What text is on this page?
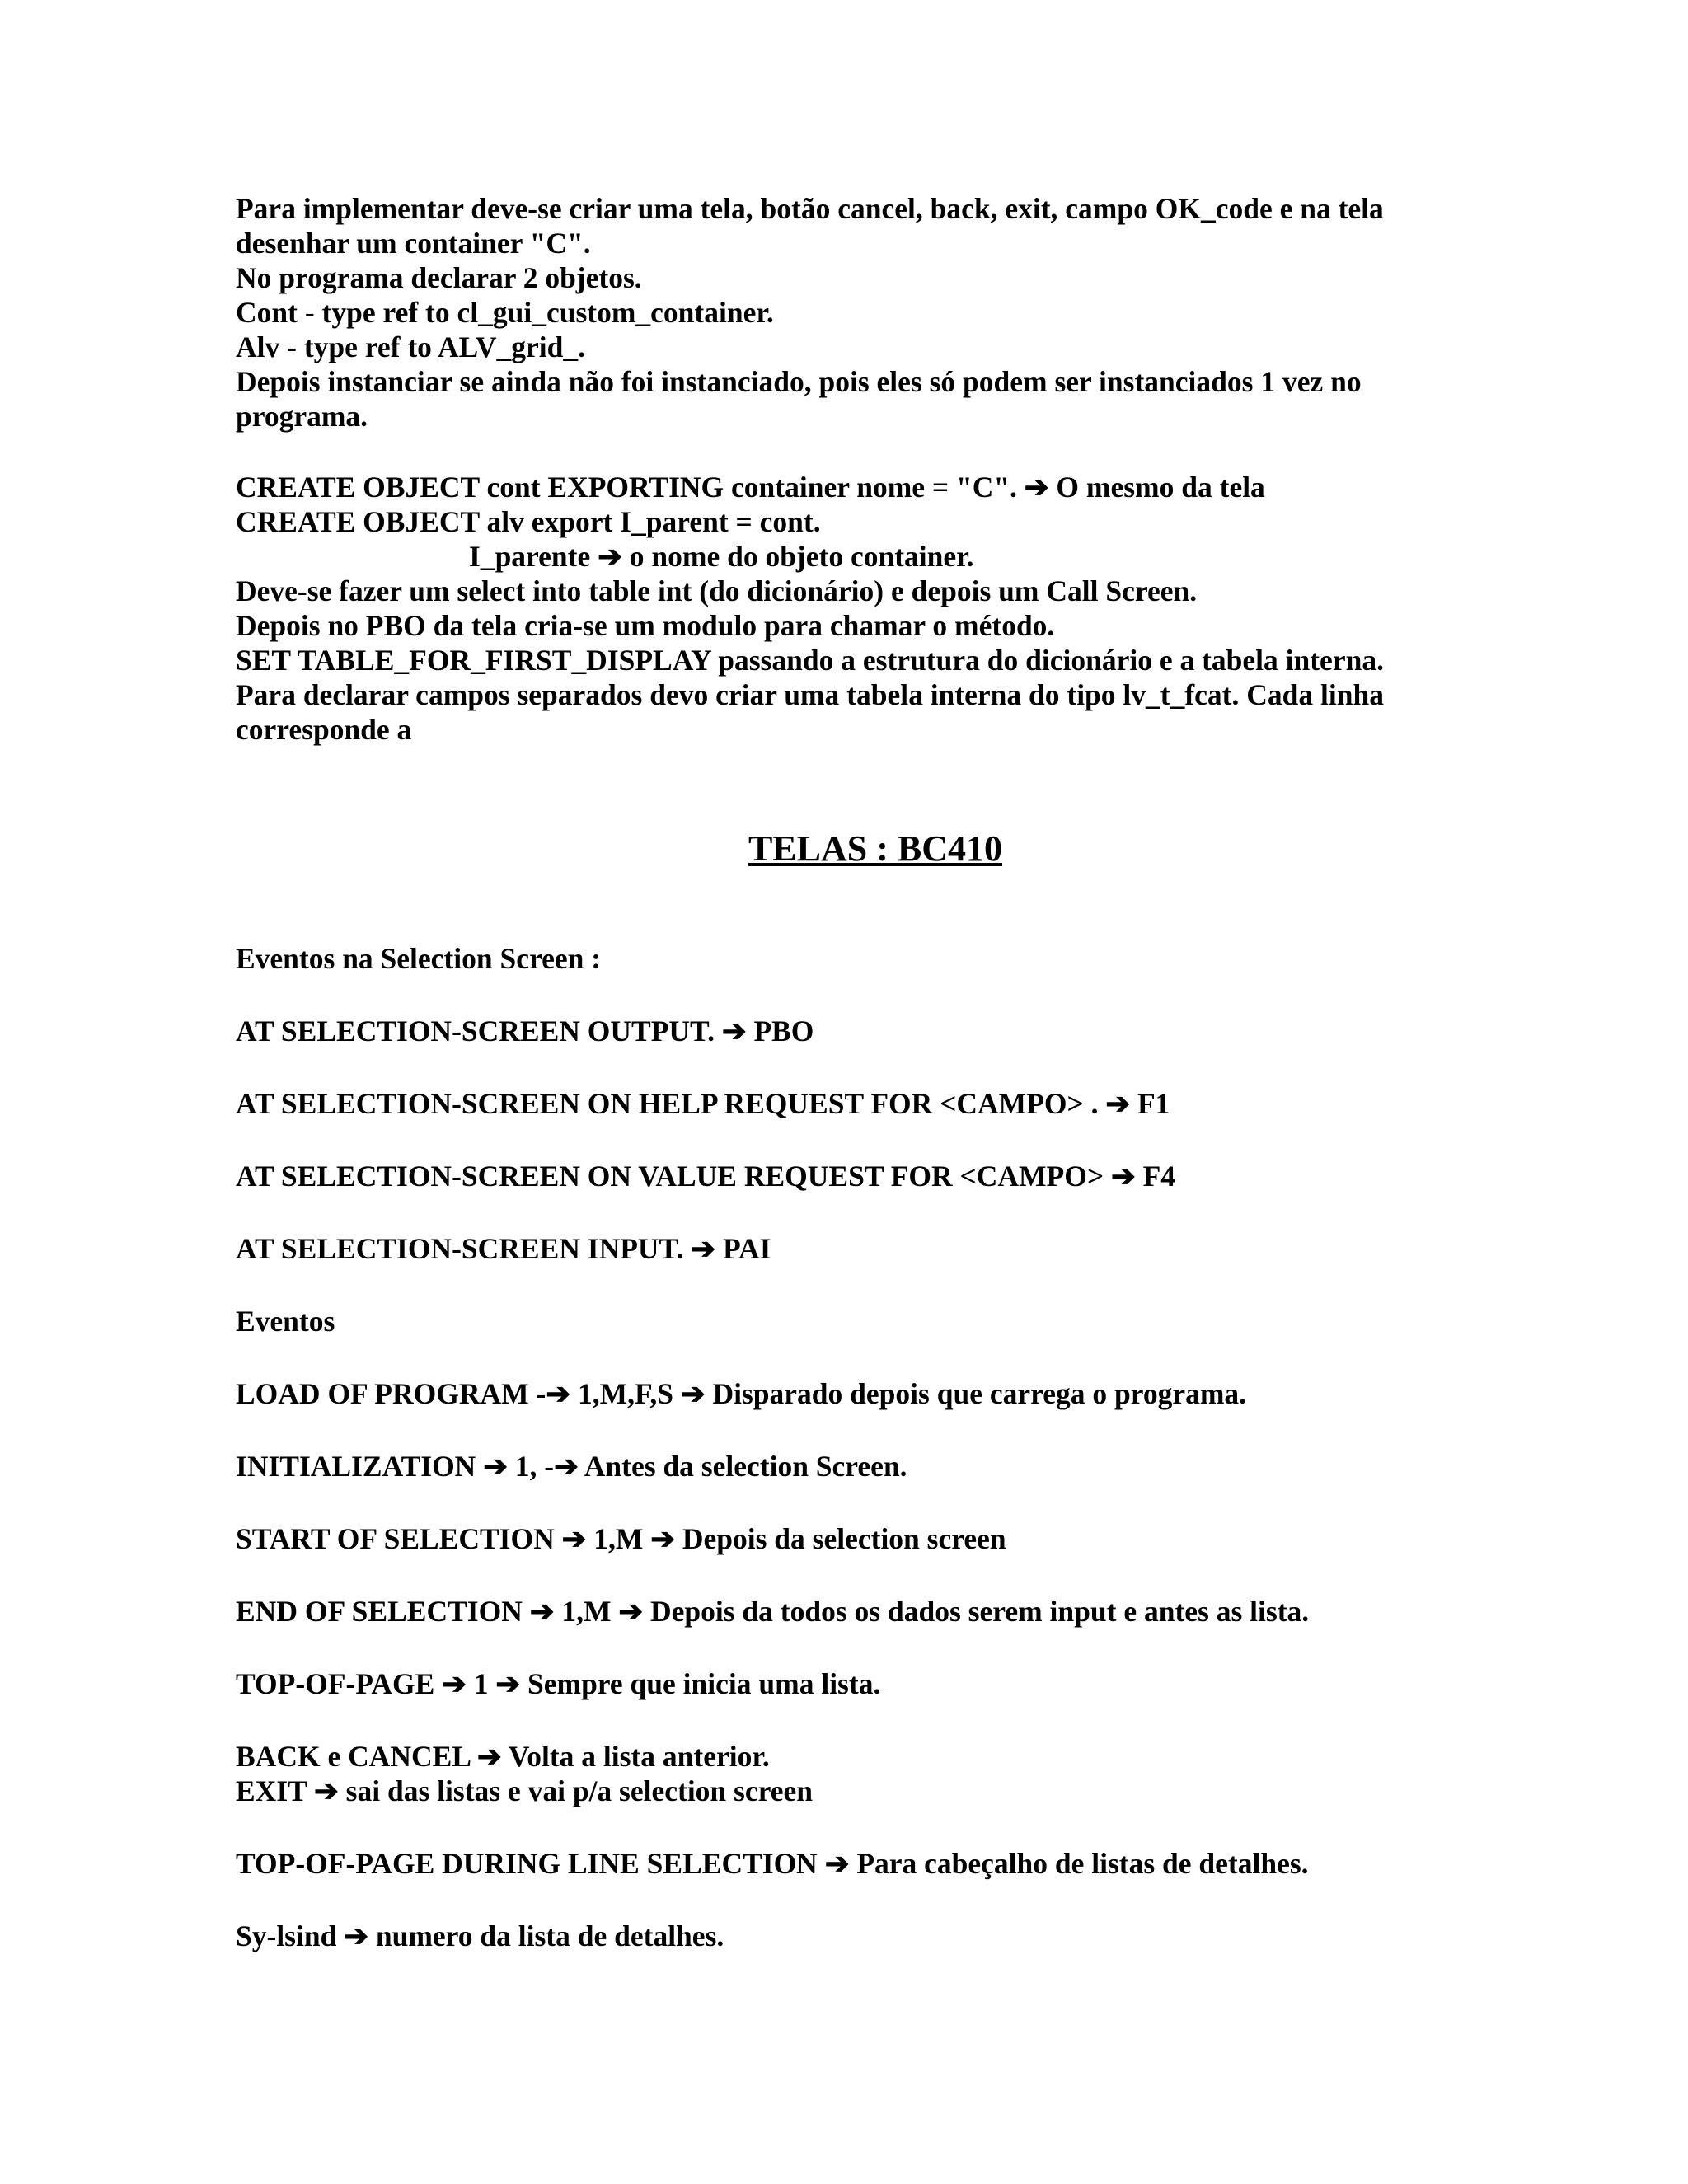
Para implementar deve-se criar uma tela, botão cancel, back, exit, campo OK_code e na tela
desenhar um container "C".
No programa declarar 2 objetos.
Cont - type ref to cl_gui_custom_container.
Alv - type ref to ALV_grid_.
Depois instanciar se ainda não foi instanciado, pois eles só podem ser instanciados 1 vez no
programa.
CREATE OBJECT cont EXPORTING container nome = "C". ➔ O mesmo da tela
CREATE OBJECT alv export I_parent = cont.
I_parente ➔ o nome do objeto container.
Deve-se fazer um select into table int (do dicionário) e depois um Call Screen.
Depois no PBO da tela cria-se um modulo para chamar o método.
SET TABLE_FOR_FIRST_DISPLAY passando a estrutura do dicionário e a tabela interna.
Para declarar campos separados devo criar uma tabela interna do tipo lv_t_fcat. Cada linha
corresponde a
TELAS : BC410
Eventos na Selection Screen :
AT SELECTION-SCREEN OUTPUT. ➔ PBO
AT SELECTION-SCREEN ON HELP REQUEST FOR <CAMPO> . ➔ F1
AT SELECTION-SCREEN ON VALUE REQUEST FOR <CAMPO> ➔ F4
AT SELECTION-SCREEN INPUT. ➔ PAI
Eventos
LOAD OF PROGRAM -➔ 1,M,F,S ➔ Disparado depois que carrega o programa.
INITIALIZATION ➔ 1, -➔ Antes da selection Screen.
START OF SELECTION ➔ 1,M ➔ Depois da selection screen
END OF SELECTION ➔ 1,M ➔ Depois da todos os dados serem input e antes as lista.
TOP-OF-PAGE ➔ 1 ➔ Sempre que inicia uma lista.
BACK e CANCEL ➔ Volta a lista anterior.
EXIT ➔ sai das listas e vai p/a selection screen
TOP-OF-PAGE DURING LINE SELECTION ➔ Para cabeçalho de listas de detalhes.
Sy-lsind ➔ numero da lista de detalhes.
